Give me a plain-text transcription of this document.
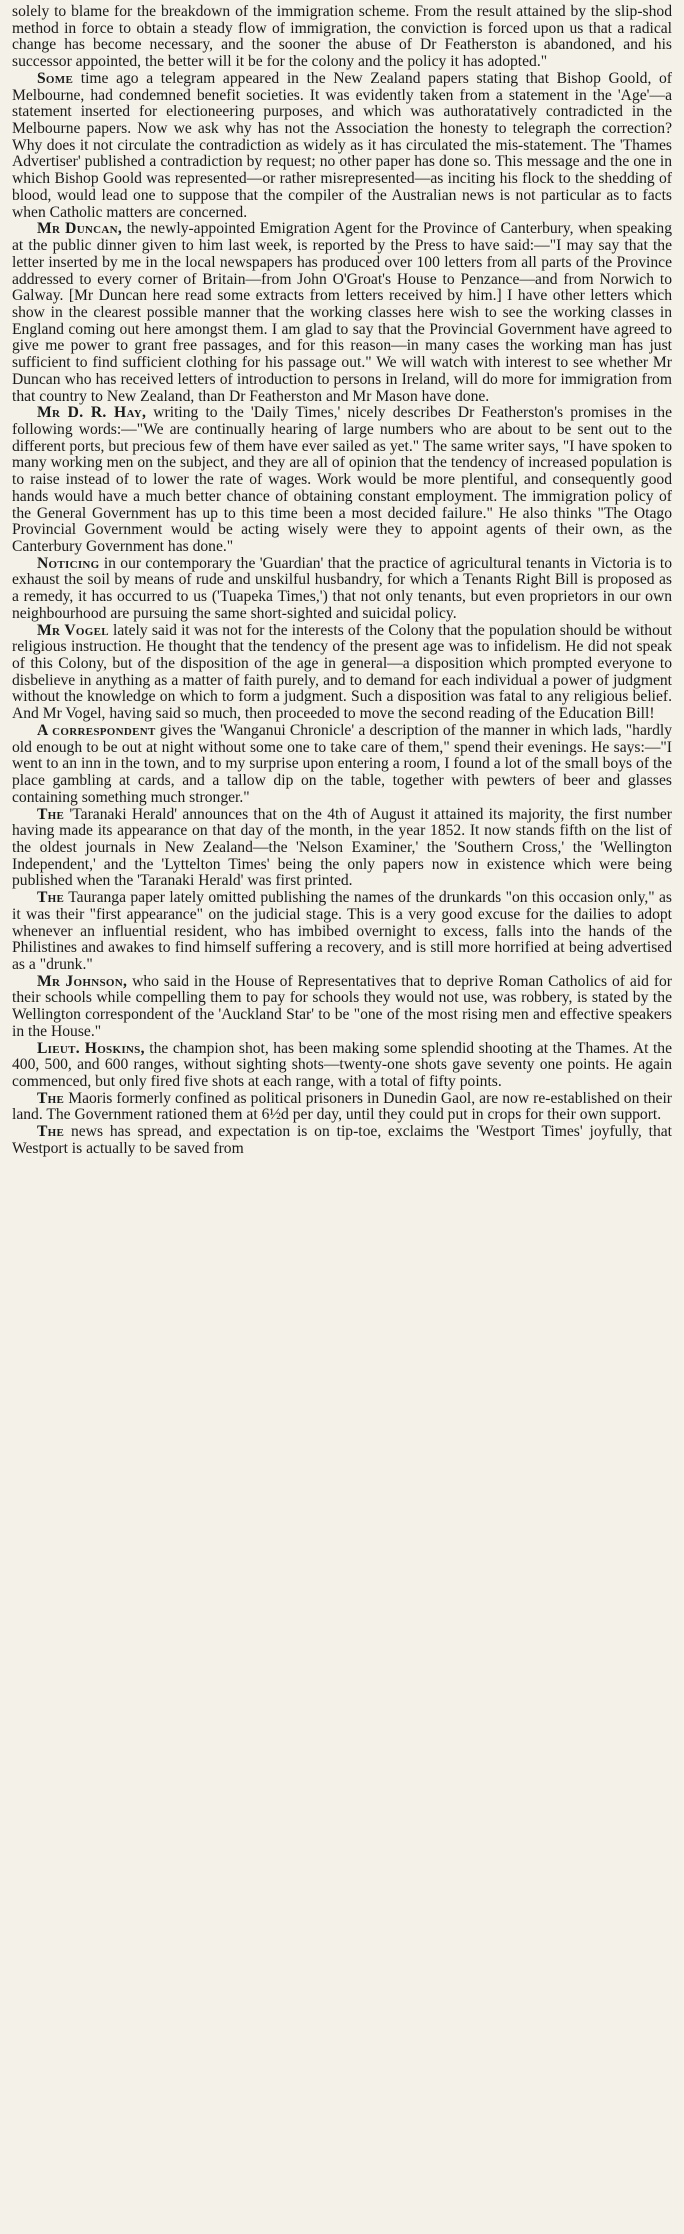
solely to blame for the breakdown of the immigration scheme. From the result attained by the slip-shod method in force to obtain a steady flow of immigration, the conviction is forced upon us that a radical change has become necessary, and the sooner the abuse of Dr Featherston is abandoned, and his successor appointed, the better will it be for the colony and the policy it has adopted."

Some time ago a telegram appeared in the New Zealand papers stating that Bishop Goold, of Melbourne, had condemned benefit societies. It was evidently taken from a statement in the 'Age'—a statement inserted for electioneering purposes, and which was authoratatively contradicted in the Melbourne papers. Now we ask why has not the Association the honesty to telegraph the correction? Why does it not circulate the contradiction as widely as it has circulated the mis-statement. The 'Thames Advertiser' published a contradiction by request; no other paper has done so. This message and the one in which Bishop Goold was represented—or rather misrepresented—as inciting his flock to the shedding of blood, would lead one to suppose that the compiler of the Australian news is not particular as to facts when Catholic matters are concerned.

Mr Duncan, the newly-appointed Emigration Agent for the Province of Canterbury, when speaking at the public dinner given to him last week, is reported by the Press to have said:—"I may say that the letter inserted by me in the local newspapers has produced over 100 letters from all parts of the Province addressed to every corner of Britain—from John O'Groat's House to Penzance—and from Norwich to Galway. [Mr Duncan here read some extracts from letters received by him.] I have other letters which show in the clearest possible manner that the working classes here wish to see the working classes in England coming out here amongst them. I am glad to say that the Provincial Government have agreed to give me power to grant free passages, and for this reason—in many cases the working man has just sufficient to find sufficient clothing for his passage out." We will watch with interest to see whether Mr Duncan who has received letters of introduction to persons in Ireland, will do more for immigration from that country to New Zealand, than Dr Featherston and Mr Mason have done.

Mr D. R. Hay, writing to the 'Daily Times,' nicely describes Dr Featherston's promises in the following words:—"We are continually hearing of large numbers who are about to be sent out to the different ports, but precious few of them have ever sailed as yet." The same writer says, "I have spoken to many working men on the subject, and they are all of opinion that the tendency of increased population is to raise instead of to lower the rate of wages. Work would be more plentiful, and consequently good hands would have a much better chance of obtaining constant employment. The immigration policy of the General Government has up to this time been a most decided failure." He also thinks "The Otago Provincial Government would be acting wisely were they to appoint agents of their own, as the Canterbury Government has done."

Noticing in our contemporary the 'Guardian' that the practice of agricultural tenants in Victoria is to exhaust the soil by means of rude and unskilful husbandry, for which a Tenants Right Bill is proposed as a remedy, it has occurred to us ('Tuapeka Times,') that not only tenants, but even proprietors in our own neighbourhood are pursuing the same short-sighted and suicidal policy.

Mr Vogel lately said it was not for the interests of the Colony that the population should be without religious instruction. He thought that the tendency of the present age was to infidelism. He did not speak of this Colony, but of the disposition of the age in general—a disposition which prompted everyone to disbelieve in anything as a matter of faith purely, and to demand for each individual a power of judgment without the knowledge on which to form a judgment. Such a disposition was fatal to any religious belief. And Mr Vogel, having said so much, then proceeded to move the second reading of the Education Bill!

A correspondent gives the 'Wanganui Chronicle' a description of the manner in which lads, "hardly old enough to be out at night without some one to take care of them," spend their evenings. He says:—"I went to an inn in the town, and to my surprise upon entering a room, I found a lot of the small boys of the place gambling at cards, and a tallow dip on the table, together with pewters of beer and glasses containing something much stronger."

The 'Taranaki Herald' announces that on the 4th of August it attained its majority, the first number having made its appearance on that day of the month, in the year 1852. It now stands fifth on the list of the oldest journals in New Zealand—the 'Nelson Examiner,' the 'Southern Cross,' the 'Wellington Independent,' and the 'Lyttelton Times' being the only papers now in existence which were being published when the 'Taranaki Herald' was first printed.

The Tauranga paper lately omitted publishing the names of the drunkards "on this occasion only," as it was their "first appearance" on the judicial stage. This is a very good excuse for the dailies to adopt whenever an influential resident, who has imbibed overnight to excess, falls into the hands of the Philistines and awakes to find himself suffering a recovery, and is still more horrified at being advertised as a "drunk."

Mr Johnson, who said in the House of Representatives that to deprive Roman Catholics of aid for their schools while compelling them to pay for schools they would not use, was robbery, is stated by the Wellington correspondent of the 'Auckland Star' to be "one of the most rising men and effective speakers in the House."

Lieut. Hoskins, the champion shot, has been making some splendid shooting at the Thames. At the 400, 500, and 600 ranges, without sighting shots—twenty-one shots gave seventy one points. He again commenced, but only fired five shots at each range, with a total of fifty points.

The Maoris formerly confined as political prisoners in Dunedin Gaol, are now re-established on their land. The Government rationed them at 6½d per day, until they could put in crops for their own support.

The news has spread, and expectation is on tip-toe, exclaims the 'Westport Times' joyfully, that Westport is actually to be saved from
